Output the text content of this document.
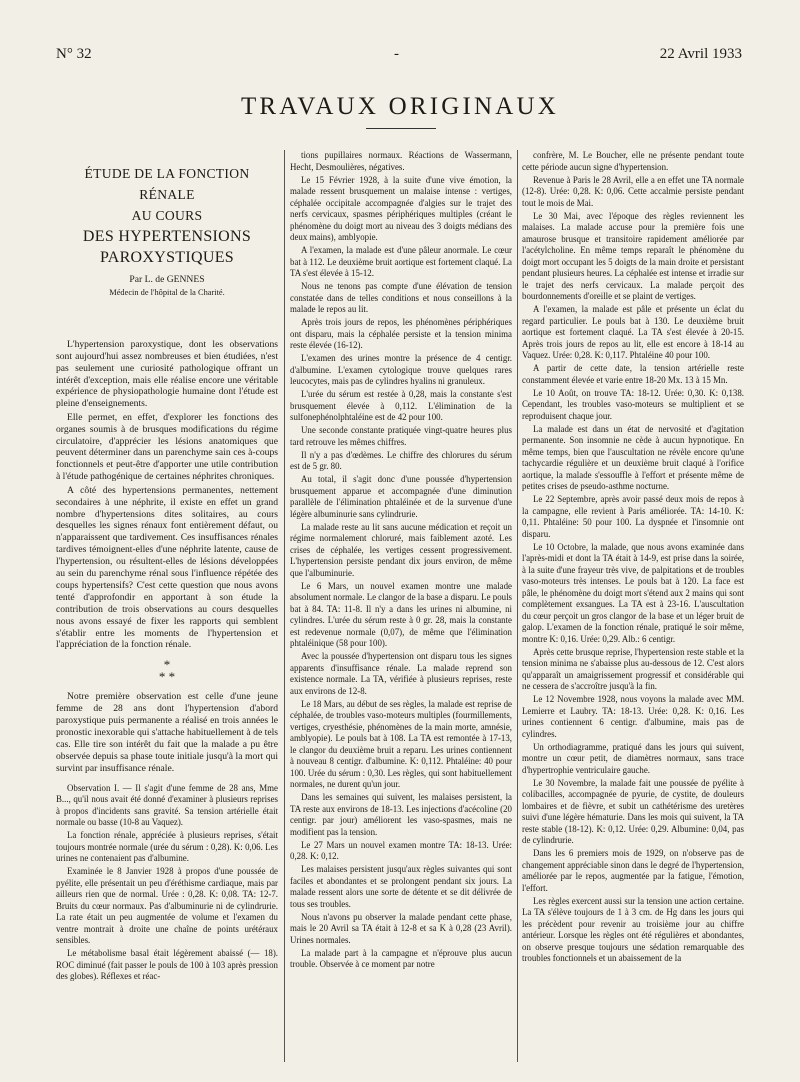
N° 32	-	22 Avril 1933
TRAVAUX ORIGINAUX
ÉTUDE DE LA FONCTION RÉNALE
AU COURS
DES HYPERTENSIONS
PAROXYSTIQUES
Par L. de GENNES
Médecin de l'hôpital de la Charité.

L'hypertension paroxystique, dont les observations sont aujourd'hui assez nombreuses et bien étudiées, n'est pas seulement une curiosité pathologique offrant un intérêt d'exception, mais elle réalise encore une véritable expérience de physiopathologie humaine dont l'étude est pleine d'enseignements.

Elle permet, en effet, d'explorer les fonctions des organes soumis à de brusques modifications du régime circulatoire, d'apprécier les lésions anatomiques que peuvent déterminer dans un parenchyme sain ces à-coups fonctionnels et peut-être d'apporter une utile contribution à l'étude pathogénique de certaines néphrites chroniques.

A côté des hypertensions permanentes, nettement secondaires à une néphrite, il existe en effet un grand nombre d'hypertensions dites solitaires, au cours desquelles les signes rénaux font entièrement défaut, ou n'apparaissent que tardivement. Ces insuffisances rénales tardives témoignent-elles d'une néphrite latente, cause de l'hypertension, ou résultent-elles de lésions développées au sein du parenchyme rénal sous l'influence répétée des coups hypertensifs? C'est cette question que nous avons tenté d'approfondir en apportant à son étude la contribution de trois observations au cours desquelles nous avons essayé de fixer les rapports qui semblent s'établir entre les moments de l'hypertension et l'appréciation de la fonction rénale.

*
* *

Notre première observation est celle d'une jeune femme de 28 ans dont l'hypertension d'abord paroxystique puis permanente a réalisé en trois années le pronostic inexorable qui s'attache habituellement à de tels cas. Elle tire son intérêt du fait que la malade a pu être observée depuis sa phase toute initiale jusqu'à la mort qui survint par insuffisance rénale.

Observation I. — Il s'agit d'une femme de 28 ans, Mme B..., qu'il nous avait été donné d'examiner à plusieurs reprises à propos d'incidents sans gravité. Sa tension artérielle était normale ou basse (10-8 au Vaquez).

La fonction rénale, appréciée à plusieurs reprises, s'était toujours montrée normale (urée du sérum : 0,28). K: 0,06. Les urines ne contenaient pas d'albumine.

Examinée le 8 Janvier 1928 à propos d'une poussée de pyélite, elle présentait un peu d'éréthisme cardiaque, mais par ailleurs rien que de normal. Urée : 0,28. K: 0,08. TA: 12-7. Bruits du cœur normaux. Pas d'albuminurie ni de cylindrurie. La rate était un peu augmentée de volume et l'examen du ventre montrait à droite une chaîne de points urétéraux sensibles.

Le métabolisme basal était légèrement abaissé (— 18). ROC diminué (fait passer le pouls de 100 à 103 après pression des globes). Réflexes et réac-

tions pupillaires normaux. Réactions de Wassermann, Hecht, Desmoulières, négatives.

Le 15 Février 1928, à la suite d'une vive émotion, la malade ressent brusquement un malaise intense : vertiges, céphalée occipitale accompagnée d'algies sur le trajet des nerfs cervicaux, spasmes périphériques multiples (créant le phénomène du doigt mort au niveau des 3 doigts médians des deux mains), amblyopie.

A l'examen, la malade est d'une pâleur anormale. Le cœur bat à 112. Le deuxième bruit aortique est fortement claqué. La TA s'est élevée à 15-12.

Nous ne tenons pas compte d'une élévation de tension constatée dans de telles conditions et nous conseillons à la malade le repos au lit.

Après trois jours de repos, les phénomènes périphériques ont disparu, mais la céphalée persiste et la tension minima reste élevée (16-12).

L'examen des urines montre la présence de 4 centigr. d'albumine. L'examen cytologique trouve quelques rares leucocytes, mais pas de cylindres hyalins ni granuleux.

L'urée du sérum est restée à 0,28, mais la constante s'est brusquement élevée à 0,112. L'élimination de la sulfonephénolphtaléine est de 42 pour 100.

Une seconde constante pratiquée vingt-quatre heures plus tard retrouve les mêmes chiffres.

Il n'y a pas d'œdèmes. Le chiffre des chlorures du sérum est de 5 gr. 80.

Au total, il s'agit donc d'une poussée d'hypertension brusquement apparue et accompagnée d'une diminution parallèle de l'élimination phtaléinée et de la survenue d'une légère albuminurie sans cylindrurie.

La malade reste au lit sans aucune médication et reçoit un régime normalement chloruré, mais faiblement azoté. Les crises de céphalée, les vertiges cessent progressivement. L'hypertension persiste pendant dix jours environ, de même que l'albuminurie.

Le 6 Mars, un nouvel examen montre une malade absolument normale. Le clangor de la base a disparu. Le pouls bat à 84. TA: 11-8. Il n'y a dans les urines ni albumine, ni cylindres. L'urée du sérum reste à 0 gr. 28, mais la constante est redevenue normale (0,07), de même que l'élimination phtaléinique (58 pour 100).

Avec la poussée d'hypertension ont disparu tous les signes apparents d'insuffisance rénale. La malade reprend son existence normale. La TA, vérifiée à plusieurs reprises, reste aux environs de 12-8.

Le 18 Mars, au début de ses règles, la malade est reprise de céphalée, de troubles vaso-moteurs multiples (fourmillements, vertiges, cryesthésie, phénomènes de la main morte, amnésie, amblyopie). Le pouls bat à 108. La TA est remontée à 17-13, le clangor du deuxième bruit a reparu. Les urines contiennent à nouveau 8 centigr. d'albumine. K: 0,112. Phtaléine: 40 pour 100. Urée du sérum : 0,30. Les règles, qui sont habituellement normales, ne durent qu'un jour.

Dans les semaines qui suivent, les malaises persistent, la TA reste aux environs de 18-13. Les injections d'acécoline (20 centigr. par jour) améliorent les vaso-spasmes, mais ne modifient pas la tension.

Le 27 Mars un nouvel examen montre TA: 18-13. Urée: 0,28. K: 0,12.

Les malaises persistent jusqu'aux règles suivantes qui sont faciles et abondantes et se prolongent pendant six jours. La malade ressent alors une sorte de détente et se dit délivrée de tous ses troubles.

Nous n'avons pu observer la malade pendant cette phase, mais le 20 Avril sa TA était à 12-8 et sa K à 0,28 (23 Avril). Urines normales.

La malade part à la campagne et n'éprouve plus aucun trouble. Observée à ce moment par notre

confrère, M. Le Boucher, elle ne présente pendant toute cette période aucun signe d'hypertension.

Revenue à Paris le 28 Avril, elle a en effet une TA normale (12-8). Urée: 0,28. K: 0,06. Cette accalmie persiste pendant tout le mois de Mai.

Le 30 Mai, avec l'époque des règles reviennent les malaises. La malade accuse pour la première fois une amaurose brusque et transitoire rapidement améliorée par l'acétylcholine. En même temps reparaît le phénomène du doigt mort occupant les 5 doigts de la main droite et persistant pendant plusieurs heures. La céphalée est intense et irradie sur le trajet des nerfs cervicaux. La malade perçoit des bourdonnements d'oreille et se plaint de vertiges.

A l'examen, la malade est pâle et présente un éclat du regard particulier. Le pouls bat à 130. Le deuxième bruit aortique est fortement claqué. La TA s'est élevée à 20-15. Après trois jours de repos au lit, elle est encore à 18-14 au Vaquez. Urée: 0,28. K: 0,117. Phtaléine 40 pour 100.

A partir de cette date, la tension artérielle reste constamment élevée et varie entre 18-20 Mx. 13 à 15 Mn.

Le 10 Août, on trouve TA: 18-12. Urée: 0,30. K: 0,138. Cependant, les troubles vaso-moteurs se multiplient et se reproduisent chaque jour.

La malade est dans un état de nervosité et d'agitation permanente. Son insomnie ne cède à aucun hypnotique. En même temps, bien que l'auscultation ne révèle encore qu'une tachycardie régulière et un deuxième bruit claqué à l'orifice aortique, la malade s'essouffle à l'effort et présente même de petites crises de pseudo-asthme nocturne.

Le 22 Septembre, après avoir passé deux mois de repos à la campagne, elle revient à Paris améliorée. TA: 14-10. K: 0,11. Phtaléine: 50 pour 100. La dyspnée et l'insomnie ont disparu.

Le 10 Octobre, la malade, que nous avons examinée dans l'après-midi et dont la TA était à 14-9, est prise dans la soirée, à la suite d'une frayeur très vive, de palpitations et de troubles vaso-moteurs très intenses. Le pouls bat à 120. La face est pâle, le phénomène du doigt mort s'étend aux 2 mains qui sont complètement exsangues. La TA est à 23-16. L'auscultation du cœur perçoit un gros clangor de la base et un léger bruit de galop. L'examen de la fonction rénale, pratiqué le soir même, montre K: 0,16. Urée: 0,29. Alb.: 6 centigr.

Après cette brusque reprise, l'hypertension reste stable et la tension minima ne s'abaisse plus au-dessous de 12. C'est alors qu'apparaît un amaigrissement progressif et considérable qui ne cessera de s'accroître jusqu'à la fin.

Le 12 Novembre 1928, nous voyons la malade avec MM. Lemierre et Laubry. TA: 18-13. Urée: 0,28. K: 0,16. Les urines contiennent 6 centigr. d'albumine, mais pas de cylindres.

Un orthodiagramme, pratiqué dans les jours qui suivent, montre un cœur petit, de diamètres normaux, sans trace d'hypertrophie ventriculaire gauche.

Le 30 Novembre, la malade fait une poussée de pyélite à colibacilles, accompagnée de pyurie, de cystite, de douleurs lombaires et de fièvre, et subit un cathétérisme des uretères suivi d'une légère hématurie. Dans les mois qui suivent, la TA reste stable (18-12). K: 0,12. Urée: 0,29. Albumine: 0,04, pas de cylindrurie.

Dans les 6 premiers mois de 1929, on n'observe pas de changement appréciable sinon dans le degré de l'hypertension, améliorée par le repos, augmentée par la fatigue, l'émotion, l'effort.

Les règles exercent aussi sur la tension une action certaine. La TA s'élève toujours de 1 à 3 cm. de Hg dans les jours qui les précèdent pour revenir au troisième jour au chiffre antérieur. Lorsque les règles ont été régulières et abondantes, on observe presque toujours une sédation remarquable des troubles fonctionnels et un abaissement de la
